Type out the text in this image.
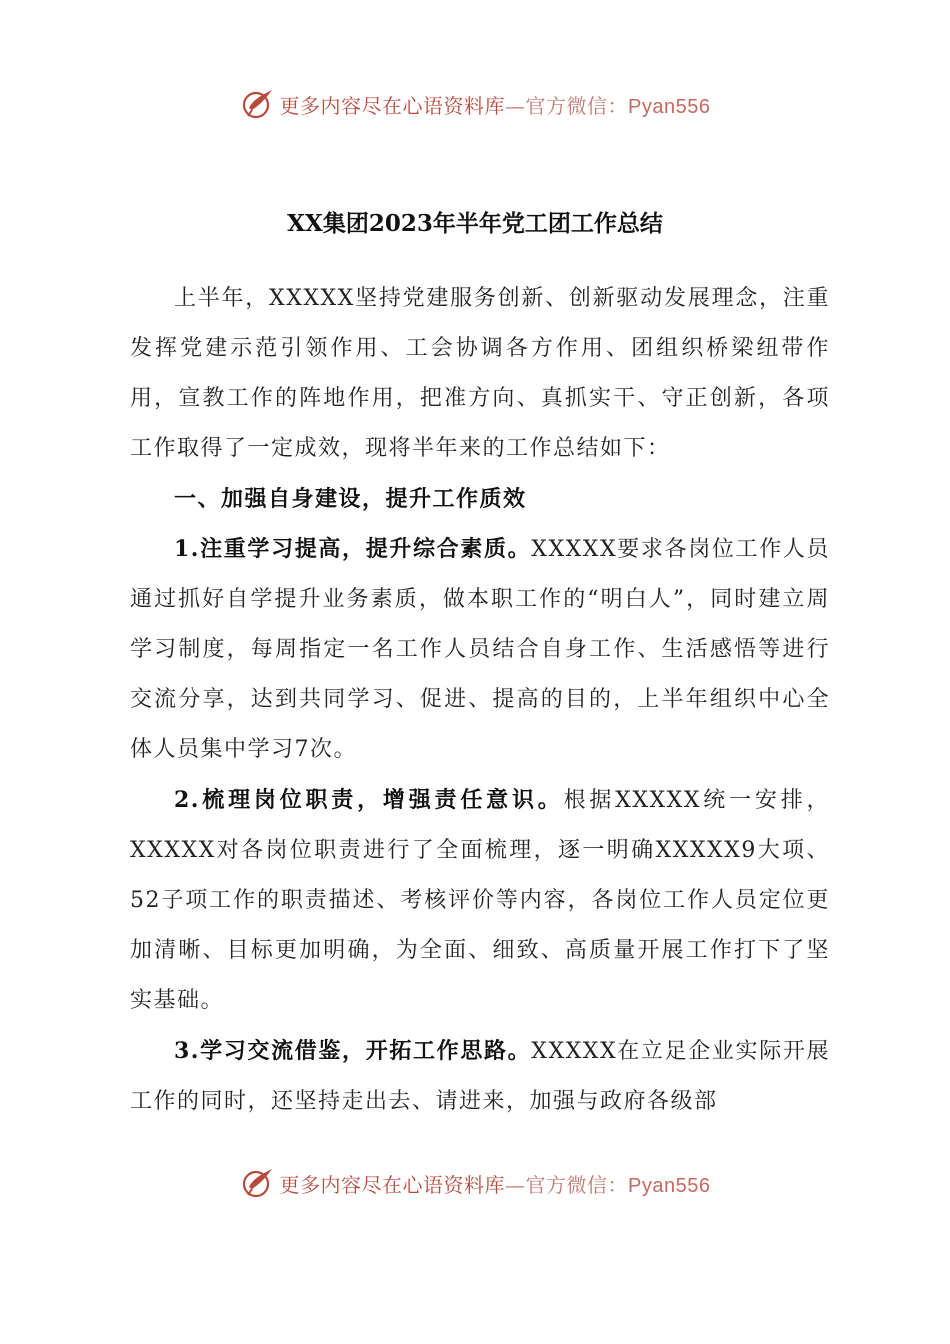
更多内容尽在心语资料库—官方微信：Pyan556
XX集团2023年半年党工团工作总结

上半年，XXXXX坚持党建服务创新、创新驱动发展理念，注重发挥党建示范引领作用、工会协调各方作用、团组织桥梁纽带作用，宣教工作的阵地作用，把准方向、真抓实干、守正创新，各项工作取得了一定成效，现将半年来的工作总结如下：

一、加强自身建设，提升工作质效

1.注重学习提高，提升综合素质。XXXXX要求各岗位工作人员通过抓好自学提升业务素质，做本职工作的“明白人”，同时建立周学习制度，每周指定一名工作人员结合自身工作、生活感悟等进行交流分享，达到共同学习、促进、提高的目的，上半年组织中心全体人员集中学习7次。

2.梳理岗位职责，增强责任意识。根据XXXXX统一安排，XXXXX对各岗位职责进行了全面梳理，逐一明确XXXXX9大项、52子项工作的职责描述、考核评价等内容，各岗位工作人员定位更加清晰、目标更加明确，为全面、细致、高质量开展工作打下了坚实基础。

3.学习交流借鉴，开拓工作思路。XXXXX在立足企业实际开展工作的同时，还坚持走出去、请进来，加强与政府各级部

更多内容尽在心语资料库—官方微信：Pyan556
